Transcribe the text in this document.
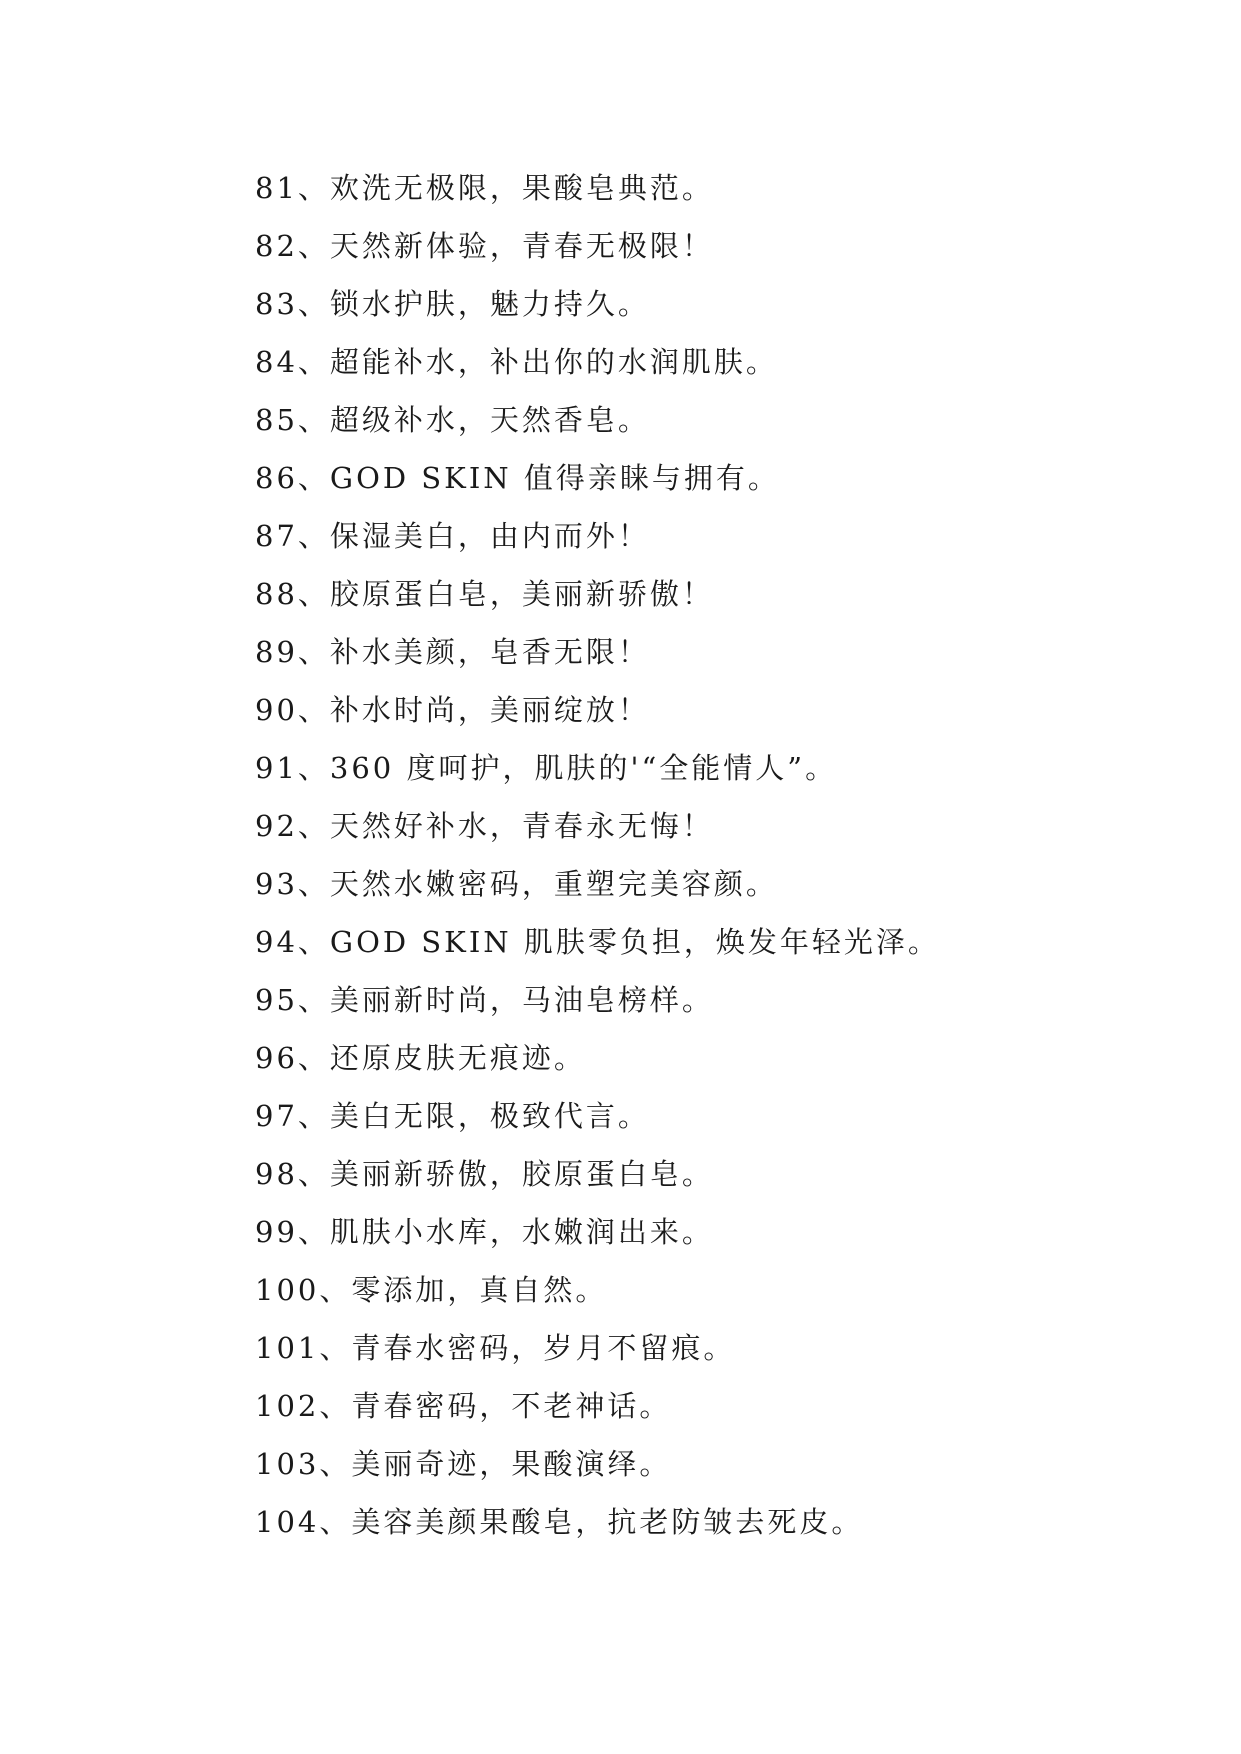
81、欢洗无极限，果酸皂典范。
82、天然新体验，青春无极限！
83、锁水护肤，魅力持久。
84、超能补水，补出你的水润肌肤。
85、超级补水，天然香皂。
86、GOD SKIN 值得亲睐与拥有。
87、保湿美白，由内而外！
88、胶原蛋白皂，美丽新骄傲！
89、补水美颜，皂香无限！
90、补水时尚，美丽绽放！
91、360 度呵护，肌肤的'“全能情人”。
92、天然好补水，青春永无悔！
93、天然水嫩密码，重塑完美容颜。
94、GOD SKIN 肌肤零负担，焕发年轻光泽。
95、美丽新时尚，马油皂榜样。
96、还原皮肤无痕迹。
97、美白无限，极致代言。
98、美丽新骄傲，胶原蛋白皂。
99、肌肤小水库，水嫩润出来。
100、零添加，真自然。
101、青春水密码，岁月不留痕。
102、青春密码，不老神话。
103、美丽奇迹，果酸演绎。
104、美容美颜果酸皂，抗老防皱去死皮。
